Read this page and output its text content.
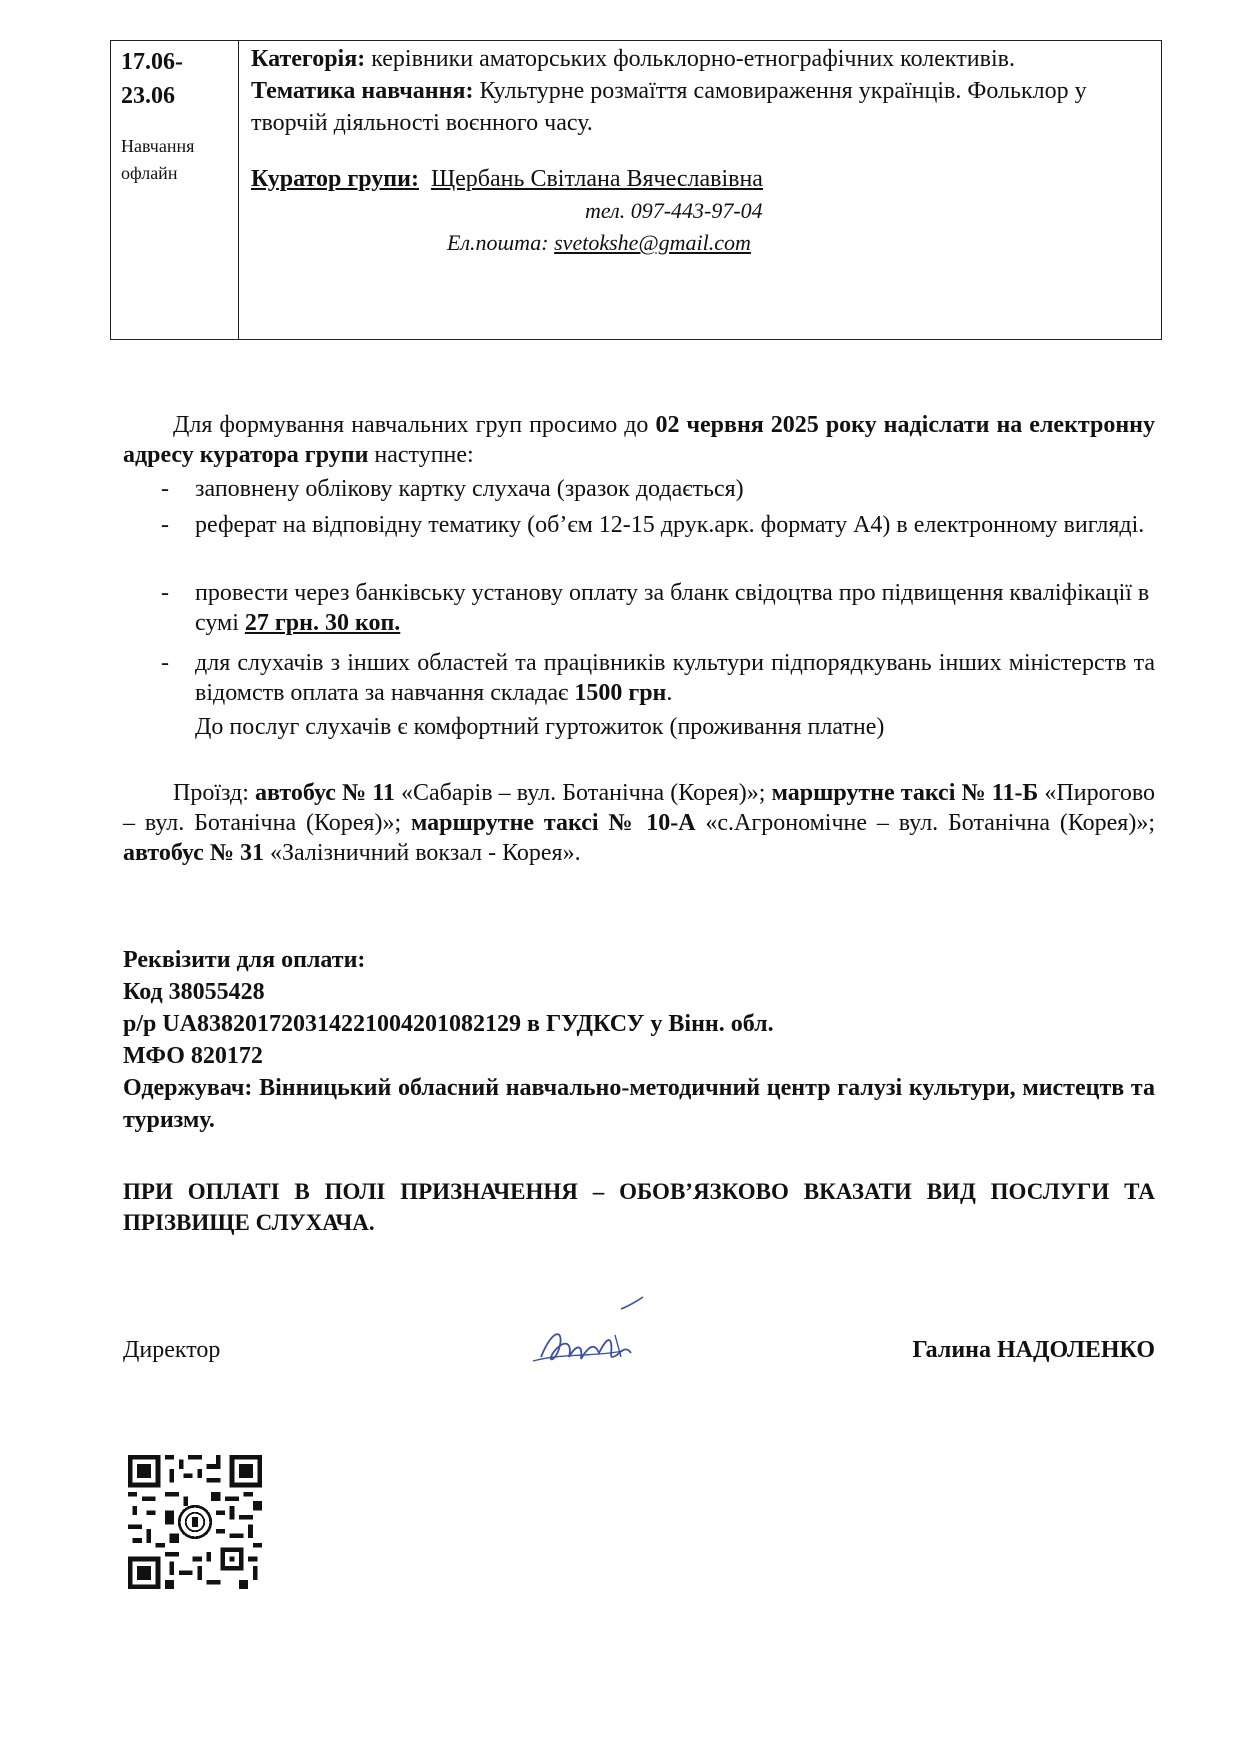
17.06-
23.06
Навчання
офлайн
Категорія: керівники аматорських фольклорно-етнографічних колективів.
Тематика навчання: Культурне розмаїття самовираження українців. Фольклор у творчій діяльності воєнного часу.
Куратор групи: Щербань Світлана Вячеславівна
тел. 097-443-97-04
Ел.пошта: svetokshe@gmail.com
Для формування навчальних груп просимо до 02 червня 2025 року надіслати на електронну адресу куратора групи наступне:
- заповнену облікову картку слухача (зразок додається)
- реферат на відповідну тематику (об’єм 12-15 друк.арк. формату А4) в електронному вигляді.
- провести через банківську установу оплату за бланк свідоцтва про підвищення кваліфікації в сумі 27 грн. 30 коп.
- для слухачів з інших областей та працівників культури підпорядкувань інших міністерств та відомств оплата за навчання складає 1500 грн.
До послуг слухачів є комфортний гуртожиток (проживання платне)
Проїзд: автобус № 11 «Сабарів – вул. Ботанічна (Корея)»; маршрутне таксі № 11-Б «Пирогово – вул. Ботанічна (Корея)»; маршрутне таксі № 10-А «с.Агрономічне – вул. Ботанічна (Корея)»; автобус № 31 «Залізничний вокзал - Корея».
Реквізити для оплати:
Код 38055428
р/р UA838201720314221004201082129 в ГУДКСУ у Вінн. обл.
МФО 820172
Одержувач: Вінницький обласний навчально-методичний центр галузі культури, мистецтв та туризму.
ПРИ ОПЛАТІ В ПОЛІ ПРИЗНАЧЕННЯ – ОБОВ’ЯЗКОВО ВКАЗАТИ ВИД ПОСЛУГИ ТА ПРІЗВИЩЕ СЛУХАЧА.
Директор	Галина НАДОЛЕНКО
